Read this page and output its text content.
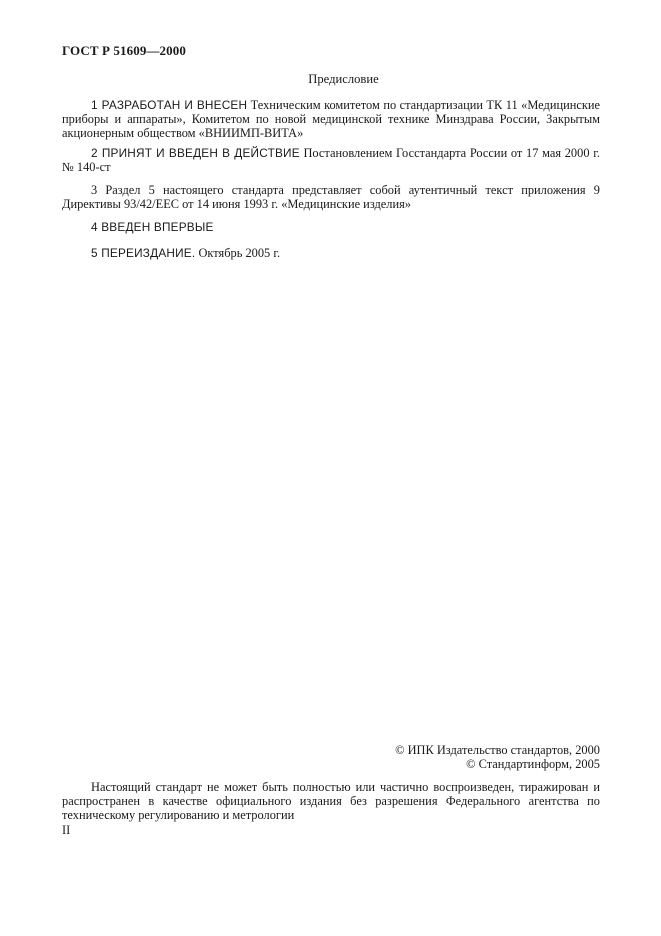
ГОСТ Р 51609—2000
Предисловие

1 РАЗРАБОТАН И ВНЕСЕН Техническим комитетом по стандартизации ТК 11 «Медицинские приборы и аппараты», Комитетом по новой медицинской технике Минздрава России, Закрытым акционерным обществом «ВНИИМП-ВИТА»

2 ПРИНЯТ И ВВЕДЕН В ДЕЙСТВИЕ Постановлением Госстандарта России от 17 мая 2000 г. № 140-ст

3 Раздел 5 настоящего стандарта представляет собой аутентичный текст приложения 9 Директивы 93/42/ЕЕС от 14 июня 1993 г. «Медицинские изделия»

4 ВВЕДЕН ВПЕРВЫЕ

5 ПЕРЕИЗДАНИЕ. Октябрь 2005 г.

© ИПК Издательство стандартов, 2000
© Стандартинформ, 2005

Настоящий стандарт не может быть полностью или частично воспроизведен, тиражирован и распространен в качестве официального издания без разрешения Федерального агентства по техническому регулированию и метрологии

II
